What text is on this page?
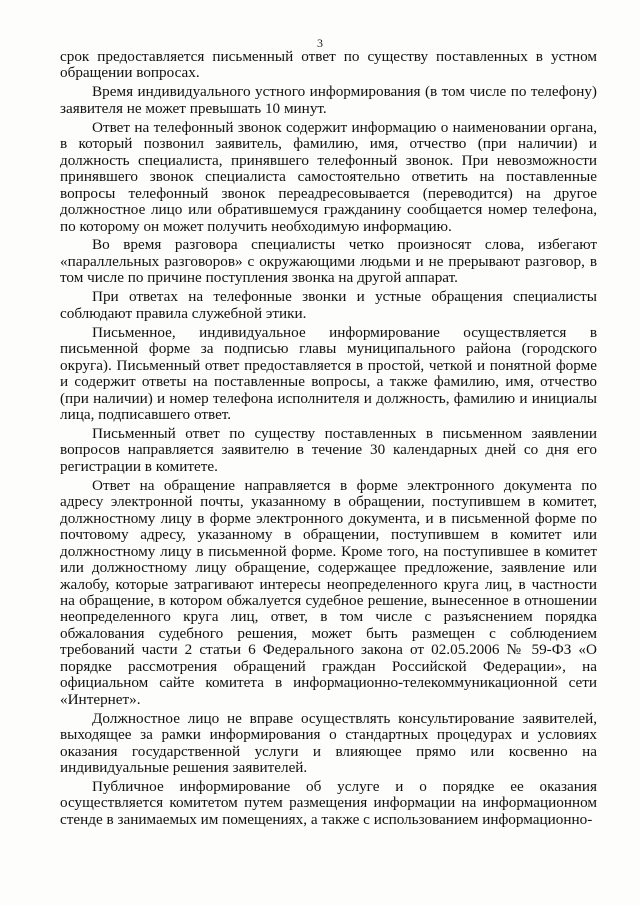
3

срок предоставляется письменный ответ по существу поставленных в устном обращении вопросах.

Время индивидуального устного информирования (в том числе по телефону) заявителя не может превышать 10 минут.

Ответ на телефонный звонок содержит информацию о наименовании органа, в который позвонил заявитель, фамилию, имя, отчество (при наличии) и должность специалиста, принявшего телефонный звонок. При невозможности принявшего звонок специалиста самостоятельно ответить на поставленные вопросы телефонный звонок переадресовывается (переводится) на другое должностное лицо или обратившемуся гражданину сообщается номер телефона, по которому он может получить необходимую информацию.

Во время разговора специалисты четко произносят слова, избегают «параллельных разговоров» с окружающими людьми и не прерывают разговор, в том числе по причине поступления звонка на другой аппарат.

При ответах на телефонные звонки и устные обращения специалисты соблюдают правила служебной этики.

Письменное, индивидуальное информирование осуществляется в письменной форме за подписью главы муниципального района (городского округа). Письменный ответ предоставляется в простой, четкой и понятной форме и содержит ответы на поставленные вопросы, а также фамилию, имя, отчество (при наличии) и номер телефона исполнителя и должность, фамилию и инициалы лица, подписавшего ответ.

Письменный ответ по существу поставленных в письменном заявлении вопросов направляется заявителю в течение 30 календарных дней со дня его регистрации в комитете.

Ответ на обращение направляется в форме электронного документа по адресу электронной почты, указанному в обращении, поступившем в комитет, должностному лицу в форме электронного документа, и в письменной форме по почтовому адресу, указанному в обращении, поступившем в комитет или должностному лицу в письменной форме. Кроме того, на поступившее в комитет или должностному лицу обращение, содержащее предложение, заявление или жалобу, которые затрагивают интересы неопределенного круга лиц, в частности на обращение, в котором обжалуется судебное решение, вынесенное в отношении неопределенного круга лиц, ответ, в том числе с разъяснением порядка обжалования судебного решения, может быть размещен с соблюдением требований части 2 статьи 6 Федерального закона от 02.05.2006 № 59-ФЗ «О порядке рассмотрения обращений граждан Российской Федерации», на официальном сайте комитета в информационно-телекоммуникационной сети «Интернет».

Должностное лицо не вправе осуществлять консультирование заявителей, выходящее за рамки информирования о стандартных процедурах и условиях оказания государственной услуги и влияющее прямо или косвенно на индивидуальные решения заявителей.

Публичное информирование об услуге и о порядке ее оказания осуществляется комитетом путем размещения информации на информационном стенде в занимаемых им помещениях, а также с использованием информационно-
